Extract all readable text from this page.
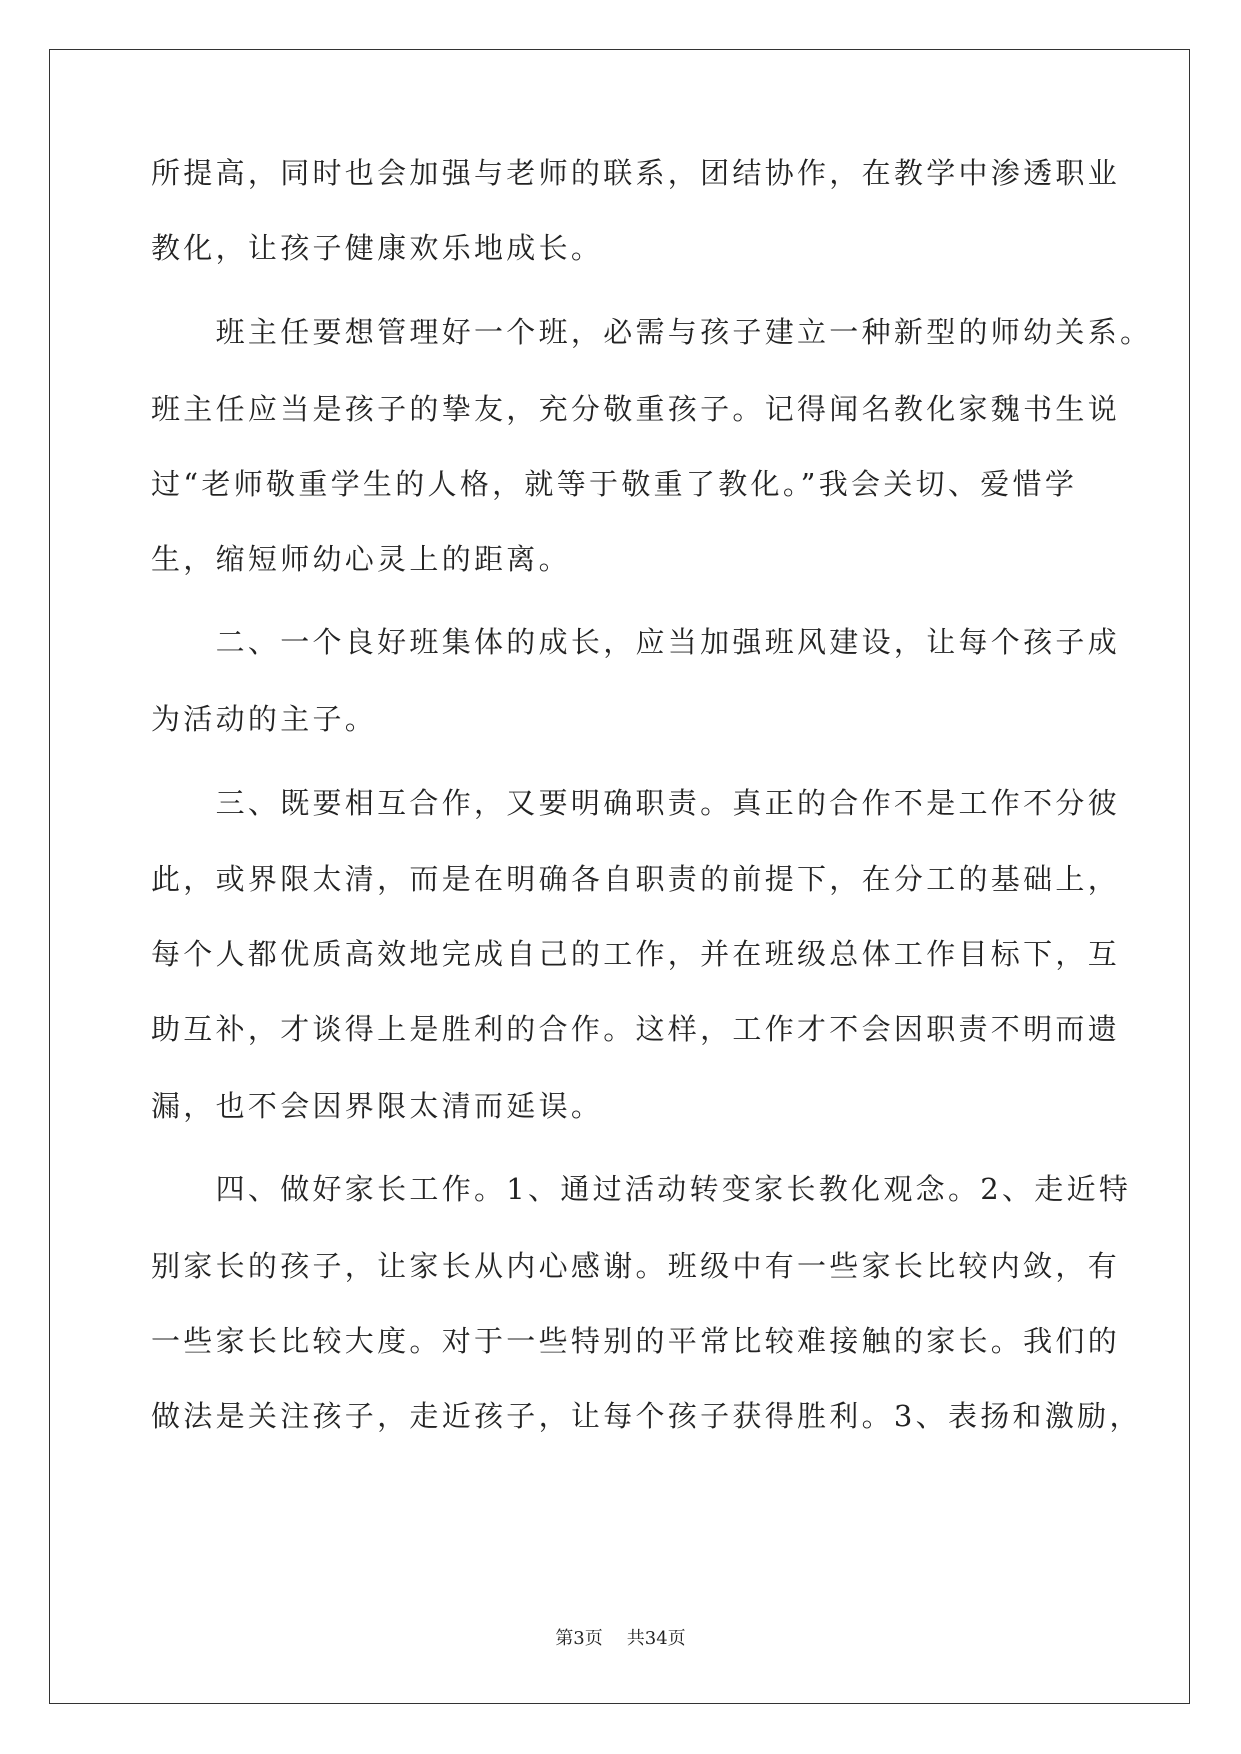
所提高，同时也会加强与老师的联系，团结协作，在教学中渗透职业
教化，让孩子健康欢乐地成长。
　　班主任要想管理好一个班，必需与孩子建立一种新型的师幼关系。
班主任应当是孩子的挚友，充分敬重孩子。记得闻名教化家魏书生说
过“老师敬重学生的人格，就等于敬重了教化。”我会关切、爱惜学
生，缩短师幼心灵上的距离。
　　二、一个良好班集体的成长，应当加强班风建设，让每个孩子成
为活动的主子。
　　三、既要相互合作，又要明确职责。真正的合作不是工作不分彼
此，或界限太清，而是在明确各自职责的前提下，在分工的基础上，
每个人都优质高效地完成自己的工作，并在班级总体工作目标下，互
助互补，才谈得上是胜利的合作。这样，工作才不会因职责不明而遗
漏，也不会因界限太清而延误。
　　四、做好家长工作。1、通过活动转变家长教化观念。2、走近特
别家长的孩子，让家长从内心感谢。班级中有一些家长比较内敛，有
一些家长比较大度。对于一些特别的平常比较难接触的家长。我们的
做法是关注孩子，走近孩子，让每个孩子获得胜利。3、表扬和激励，
第3页 共34页
